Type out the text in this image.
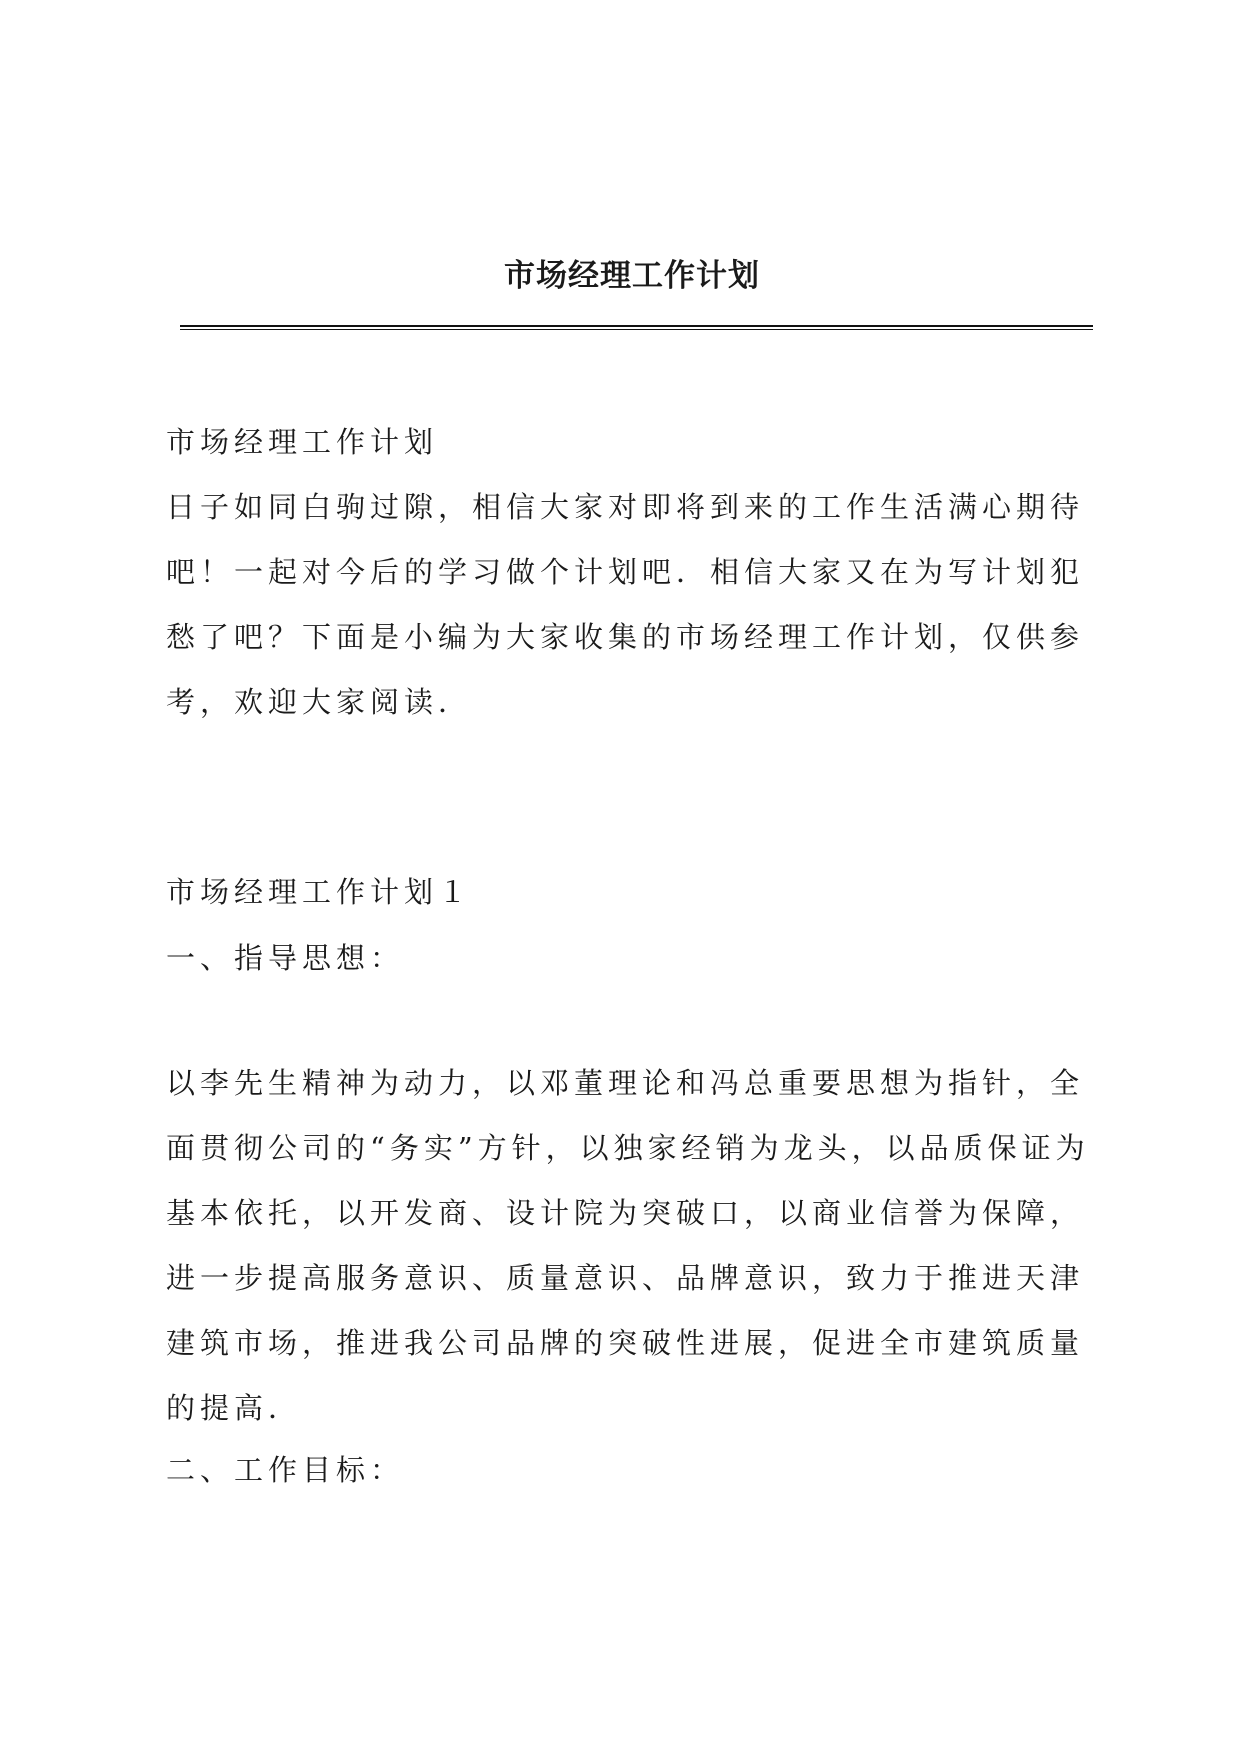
市场经理工作计划

市场经理工作计划

日子如同白驹过隙，相信大家对即将到来的工作生活满心期待吧！一起对今后的学习做个计划吧．相信大家又在为写计划犯愁了吧？下面是小编为大家收集的市场经理工作计划，仅供参考，欢迎大家阅读．

市场经理工作计划１

一、指导思想：

以李先生精神为动力，以邓董理论和冯总重要思想为指针，全面贯彻公司的“务实”方针，以独家经销为龙头，以品质保证为基本依托，以开发商、设计院为突破口，以商业信誉为保障，进一步提高服务意识、质量意识、品牌意识，致力于推进天津建筑市场，推进我公司品牌的突破性进展，促进全市建筑质量的提高．

二、工作目标：
